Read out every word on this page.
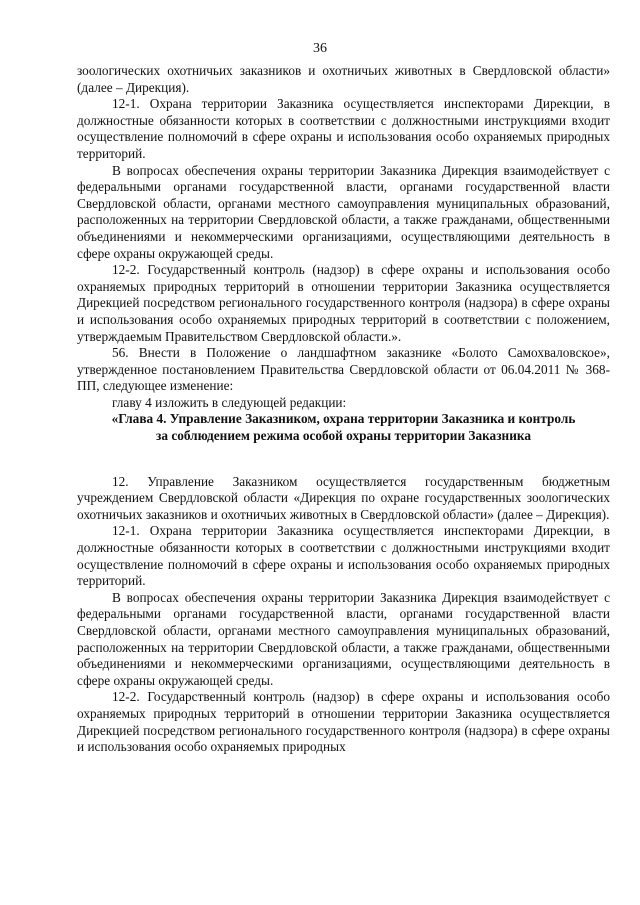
36

зоологических охотничьих заказников и охотничьих животных в Свердловской области» (далее – Дирекция).

12-1. Охрана территории Заказника осуществляется инспекторами Дирекции, в должностные обязанности которых в соответствии с должностными инструкциями входит осуществление полномочий в сфере охраны и использования особо охраняемых природных территорий.

В вопросах обеспечения охраны территории Заказника Дирекция взаимодействует с федеральными органами государственной власти, органами государственной власти Свердловской области, органами местного самоуправления муниципальных образований, расположенных на территории Свердловской области, а также гражданами, общественными объединениями и некоммерческими организациями, осуществляющими деятельность в сфере охраны окружающей среды.

12-2. Государственный контроль (надзор) в сфере охраны и использования особо охраняемых природных территорий в отношении территории Заказника осуществляется Дирекцией посредством регионального государственного контроля (надзора) в сфере охраны и использования особо охраняемых природных территорий в соответствии с положением, утверждаемым Правительством Свердловской области.».

56. Внести в Положение о ландшафтном заказнике «Болото Самохваловское», утвержденное постановлением Правительства Свердловской области от 06.04.2011 № 368-ПП, следующее изменение:

главу 4 изложить в следующей редакции:

«Глава 4. Управление Заказником, охрана территории Заказника и контроль
за соблюдением режима особой охраны территории Заказника

12. Управление Заказником осуществляется государственным бюджетным учреждением Свердловской области «Дирекция по охране государственных зоологических охотничьих заказников и охотничьих животных в Свердловской области» (далее – Дирекция).

12-1. Охрана территории Заказника осуществляется инспекторами Дирекции, в должностные обязанности которых в соответствии с должностными инструкциями входит осуществление полномочий в сфере охраны и использования особо охраняемых природных территорий.

В вопросах обеспечения охраны территории Заказника Дирекция взаимодействует с федеральными органами государственной власти, органами государственной власти Свердловской области, органами местного самоуправления муниципальных образований, расположенных на территории Свердловской области, а также гражданами, общественными объединениями и некоммерческими организациями, осуществляющими деятельность в сфере охраны окружающей среды.

12-2. Государственный контроль (надзор) в сфере охраны и использования особо охраняемых природных территорий в отношении территории Заказника осуществляется Дирекцией посредством регионального государственного контроля (надзора) в сфере охраны и использования особо охраняемых природных
